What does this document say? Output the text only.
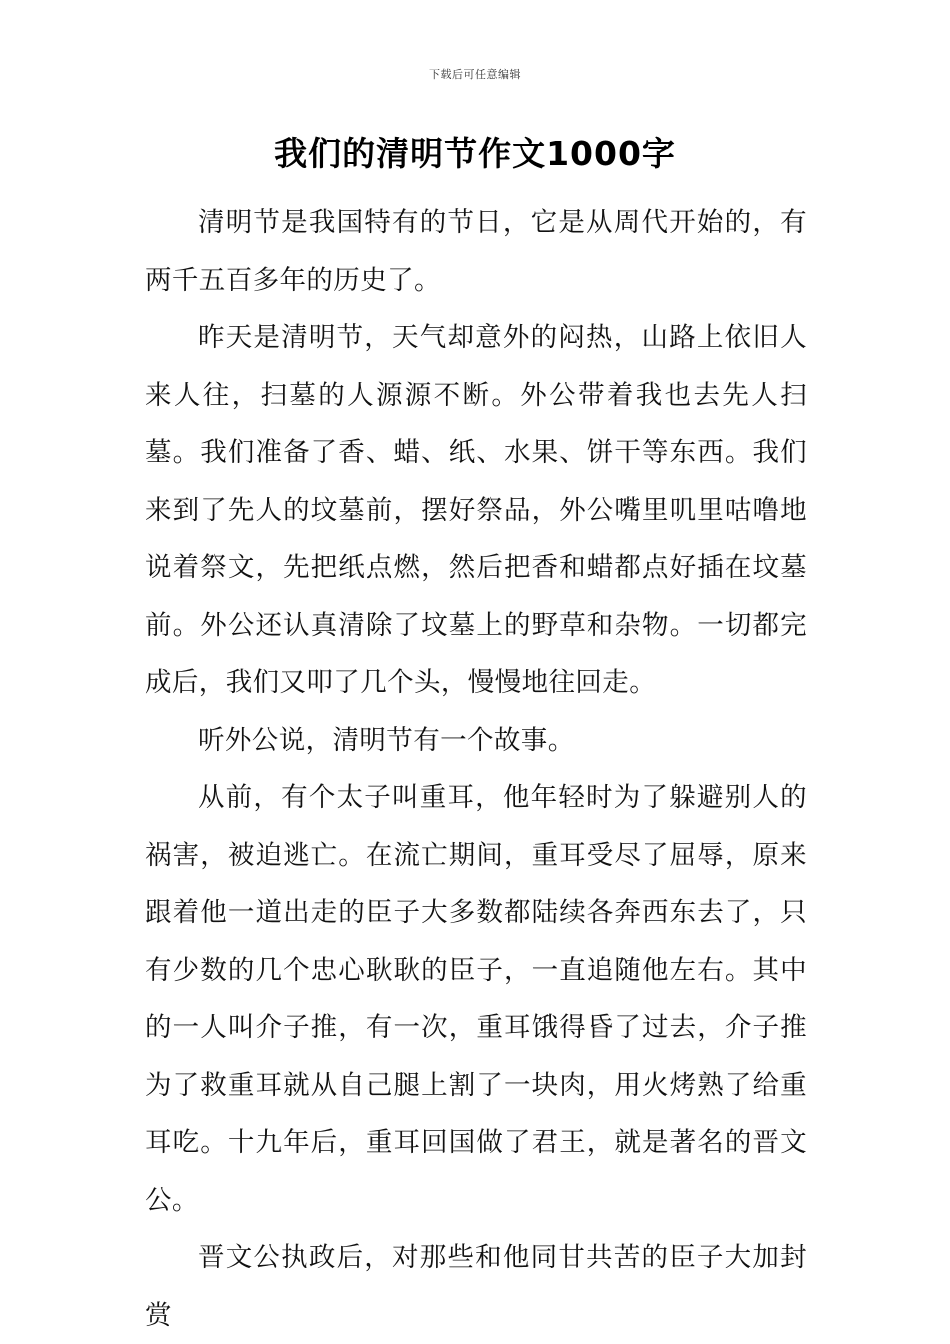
下载后可任意编辑
我们的清明节作文1000字

清明节是我国特有的节日，它是从周代开始的，有两千五百多年的历史了。

昨天是清明节，天气却意外的闷热，山路上依旧人来人往，扫墓的人源源不断。外公带着我也去先人扫墓。我们准备了香、蜡、纸、水果、饼干等东西。我们来到了先人的坟墓前，摆好祭品，外公嘴里叽里咕噜地说着祭文，先把纸点燃，然后把香和蜡都点好插在坟墓前。外公还认真清除了坟墓上的野草和杂物。一切都完成后，我们又叩了几个头，慢慢地往回走。

听外公说，清明节有一个故事。

从前，有个太子叫重耳，他年轻时为了躲避别人的祸害，被迫逃亡。在流亡期间，重耳受尽了屈辱，原来跟着他一道出走的臣子大多数都陆续各奔西东去了，只有少数的几个忠心耿耿的臣子，一直追随他左右。其中的一人叫介子推，有一次，重耳饿得昏了过去，介子推为了救重耳就从自己腿上割了一块肉，用火烤熟了给重耳吃。十九年后，重耳回国做了君王，就是著名的晋文公。

晋文公执政后，对那些和他同甘共苦的臣子大加封赏
